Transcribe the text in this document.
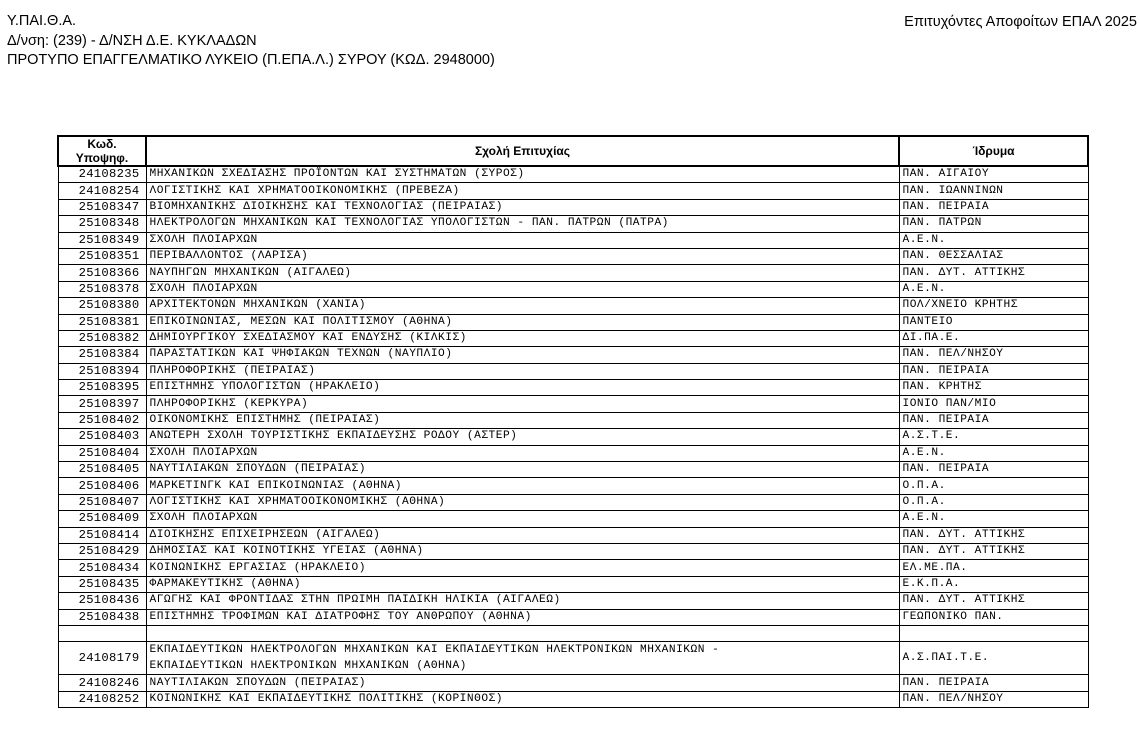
Υ.ΠΑΙ.Θ.Α.
Δ/νση: (239) - Δ/ΝΣΗ Δ.Ε. ΚΥΚΛΑΔΩΝ
ΠΡΟΤΥΠΟ ΕΠΑΓΓΕΛΜΑΤΙΚΟ ΛΥΚΕΙΟ (Π.ΕΠΑ.Λ.) ΣΥΡΟΥ (ΚΩΔ. 2948000)
Επιτυχόντες Αποφοίτων ΕΠΑΛ 2025
Κωδ.
Υποψηφ.	Σχολή Επιτυχίας	Ίδρυμα
24108235	ΜΗΧΑΝΙΚΩΝ ΣΧΕΔΙΑΣΗΣ ΠΡΟΪΟΝΤΩΝ ΚΑΙ ΣΥΣΤΗΜΑΤΩΝ (ΣΥΡΟΣ)	ΠΑΝ. ΑΙΓΑΙΟΥ
24108254	ΛΟΓΙΣΤΙΚΗΣ ΚΑΙ ΧΡΗΜΑΤΟΟΙΚΟΝΟΜΙΚΗΣ (ΠΡΕΒΕΖΑ)	ΠΑΝ. ΙΩΑΝΝΙΝΩΝ
25108347	ΒΙΟΜΗΧΑΝΙΚΗΣ ΔΙΟΙΚΗΣΗΣ ΚΑΙ ΤΕΧΝΟΛΟΓΙΑΣ (ΠΕΙΡΑΙΑΣ)	ΠΑΝ. ΠΕΙΡΑΙΑ
25108348	ΗΛΕΚΤΡΟΛΟΓΩΝ ΜΗΧΑΝΙΚΩΝ ΚΑΙ ΤΕΧΝΟΛΟΓΙΑΣ ΥΠΟΛΟΓΙΣΤΩΝ - ΠΑΝ. ΠΑΤΡΩΝ (ΠΑΤΡΑ)	ΠΑΝ. ΠΑΤΡΩΝ
25108349	ΣΧΟΛΗ ΠΛΟΙΑΡΧΩΝ	Α.Ε.Ν.
25108351	ΠΕΡΙΒΑΛΛΟΝΤΟΣ (ΛΑΡΙΣΑ)	ΠΑΝ. ΘΕΣΣΑΛΙΑΣ
25108366	ΝΑΥΠΗΓΩΝ ΜΗΧΑΝΙΚΩΝ (ΑΙΓΑΛΕΩ)	ΠΑΝ. ΔΥΤ. ΑΤΤΙΚΗΣ
25108378	ΣΧΟΛΗ ΠΛΟΙΑΡΧΩΝ	Α.Ε.Ν.
25108380	ΑΡΧΙΤΕΚΤΟΝΩΝ ΜΗΧΑΝΙΚΩΝ (ΧΑΝΙΑ)	ΠΟΛ/ΧΝΕΙΟ ΚΡΗΤΗΣ
25108381	ΕΠΙΚΟΙΝΩΝΙΑΣ, ΜΕΣΩΝ ΚΑΙ ΠΟΛΙΤΙΣΜΟΥ (ΑΘΗΝΑ)	ΠΑΝΤΕΙΟ
25108382	ΔΗΜΙΟΥΡΓΙΚΟΥ ΣΧΕΔΙΑΣΜΟΥ ΚΑΙ ΕΝΔΥΣΗΣ (ΚΙΛΚΙΣ)	ΔΙ.ΠΑ.Ε.
25108384	ΠΑΡΑΣΤΑΤΙΚΩΝ ΚΑΙ ΨΗΦΙΑΚΩΝ ΤΕΧΝΩΝ (ΝΑΥΠΛΙΟ)	ΠΑΝ. ΠΕΛ/ΝΗΣΟΥ
25108394	ΠΛΗΡΟΦΟΡΙΚΗΣ (ΠΕΙΡΑΙΑΣ)	ΠΑΝ. ΠΕΙΡΑΙΑ
25108395	ΕΠΙΣΤΗΜΗΣ ΥΠΟΛΟΓΙΣΤΩΝ (ΗΡΑΚΛΕΙΟ)	ΠΑΝ. ΚΡΗΤΗΣ
25108397	ΠΛΗΡΟΦΟΡΙΚΗΣ (ΚΕΡΚΥΡΑ)	ΙΟΝΙΟ ΠΑΝ/ΜΙΟ
25108402	ΟΙΚΟΝΟΜΙΚΗΣ ΕΠΙΣΤΗΜΗΣ (ΠΕΙΡΑΙΑΣ)	ΠΑΝ. ΠΕΙΡΑΙΑ
25108403	ΑΝΩΤΕΡΗ ΣΧΟΛΗ ΤΟΥΡΙΣΤΙΚΗΣ ΕΚΠΑΙΔΕΥΣΗΣ ΡΟΔΟΥ (ΑΣΤΕΡ)	Α.Σ.Τ.Ε.
25108404	ΣΧΟΛΗ ΠΛΟΙΑΡΧΩΝ	Α.Ε.Ν.
25108405	ΝΑΥΤΙΛΙΑΚΩΝ ΣΠΟΥΔΩΝ (ΠΕΙΡΑΙΑΣ)	ΠΑΝ. ΠΕΙΡΑΙΑ
25108406	ΜΑΡΚΕΤΙΝΓΚ ΚΑΙ ΕΠΙΚΟΙΝΩΝΙΑΣ (ΑΘΗΝΑ)	Ο.Π.Α.
25108407	ΛΟΓΙΣΤΙΚΗΣ ΚΑΙ ΧΡΗΜΑΤΟΟΙΚΟΝΟΜΙΚΗΣ (ΑΘΗΝΑ)	Ο.Π.Α.
25108409	ΣΧΟΛΗ ΠΛΟΙΑΡΧΩΝ	Α.Ε.Ν.
25108414	ΔΙΟΙΚΗΣΗΣ ΕΠΙΧΕΙΡΗΣΕΩΝ (ΑΙΓΑΛΕΩ)	ΠΑΝ. ΔΥΤ. ΑΤΤΙΚΗΣ
25108429	ΔΗΜΟΣΙΑΣ ΚΑΙ ΚΟΙΝΟΤΙΚΗΣ ΥΓΕΙΑΣ (ΑΘΗΝΑ)	ΠΑΝ. ΔΥΤ. ΑΤΤΙΚΗΣ
25108434	ΚΟΙΝΩΝΙΚΗΣ ΕΡΓΑΣΙΑΣ (ΗΡΑΚΛΕΙΟ)	ΕΛ.ΜΕ.ΠΑ.
25108435	ΦΑΡΜΑΚΕΥΤΙΚΗΣ (ΑΘΗΝΑ)	Ε.Κ.Π.Α.
25108436	ΑΓΩΓΗΣ ΚΑΙ ΦΡΟΝΤΙΔΑΣ ΣΤΗΝ ΠΡΩΙΜΗ ΠΑΙΔΙΚΗ ΗΛΙΚΙΑ (ΑΙΓΑΛΕΩ)	ΠΑΝ. ΔΥΤ. ΑΤΤΙΚΗΣ
25108438	ΕΠΙΣΤΗΜΗΣ ΤΡΟΦΙΜΩΝ ΚΑΙ ΔΙΑΤΡΟΦΗΣ ΤΟΥ ΑΝΘΡΩΠΟΥ (ΑΘΗΝΑ)	ΓΕΩΠΟΝΙΚΟ ΠΑΝ.

24108179	ΕΚΠΑΙΔΕΥΤΙΚΩΝ ΗΛΕΚΤΡΟΛΟΓΩΝ ΜΗΧΑΝΙΚΩΝ ΚΑΙ ΕΚΠΑΙΔΕΥΤΙΚΩΝ ΗΛΕΚΤΡΟΝΙΚΩΝ ΜΗΧΑΝΙΚΩΝ -
ΕΚΠΑΙΔΕΥΤΙΚΩΝ ΗΛΕΚΤΡΟΝΙΚΩΝ ΜΗΧΑΝΙΚΩΝ (ΑΘΗΝΑ)	Α.Σ.ΠΑΙ.Τ.Ε.
24108246	ΝΑΥΤΙΛΙΑΚΩΝ ΣΠΟΥΔΩΝ (ΠΕΙΡΑΙΑΣ)	ΠΑΝ. ΠΕΙΡΑΙΑ
24108252	ΚΟΙΝΩΝΙΚΗΣ ΚΑΙ ΕΚΠΑΙΔΕΥΤΙΚΗΣ ΠΟΛΙΤΙΚΗΣ (ΚΟΡΙΝΘΟΣ)	ΠΑΝ. ΠΕΛ/ΝΗΣΟΥ
